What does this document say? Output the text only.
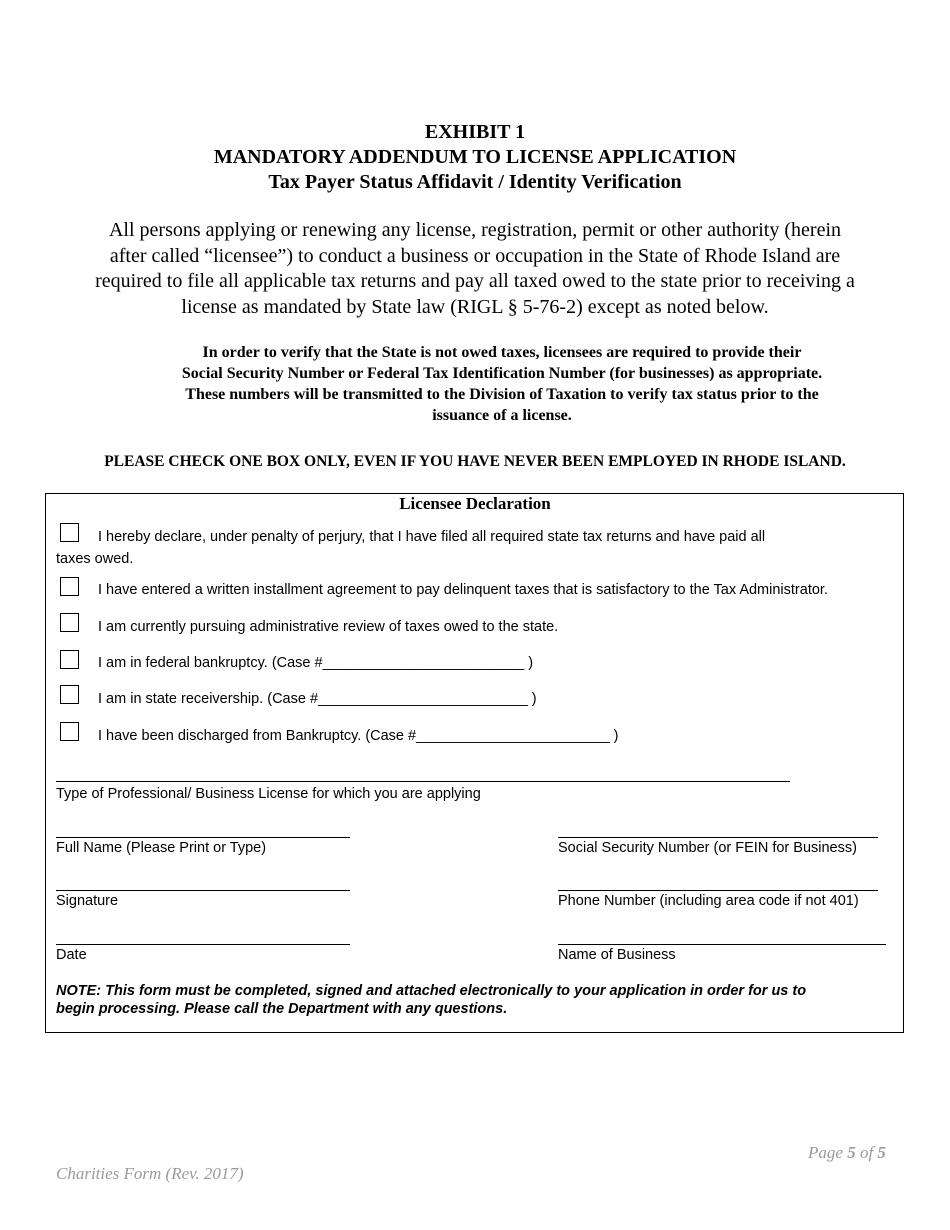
EXHIBIT 1
MANDATORY ADDENDUM TO LICENSE APPLICATION
Tax Payer Status Affidavit / Identity Verification
All persons applying or renewing any license, registration, permit or other authority (herein
after called “licensee”) to conduct a business or occupation in the State of Rhode Island are
required to file all applicable tax returns and pay all taxed owed to the state prior to receiving a
license as mandated by State law (RIGL § 5-76-2) except as noted below.
In order to verify that the State is not owed taxes, licensees are required to provide their
Social Security Number or Federal Tax Identification Number (for businesses) as appropriate.
These numbers will be transmitted to the Division of Taxation to verify tax status prior to the
issuance of a license.
PLEASE CHECK ONE BOX ONLY, EVEN IF YOU HAVE NEVER BEEN EMPLOYED IN RHODE ISLAND.
Licensee Declaration
I hereby declare, under penalty of perjury, that I have filed all required state tax returns and have paid all
taxes owed.
I have entered a written installment agreement to pay delinquent taxes that is satisfactory to the Tax Administrator.
I am currently pursuing administrative review of taxes owed to the state.
I am in federal bankruptcy. (Case #_________________________ )
I am in state receivership. (Case #__________________________ )
I have been discharged from Bankruptcy. (Case #________________________ )
Type of Professional/ Business License for which you are applying
Full Name (Please Print or Type)	Social Security Number (or FEIN for Business)
Signature	Phone Number (including area code if not 401)
Date	Name of Business
NOTE: This form must be completed, signed and attached electronically to your application in order for us to
begin processing. Please call the Department with any questions.
Page 5 of 5
Charities Form (Rev. 2017)
